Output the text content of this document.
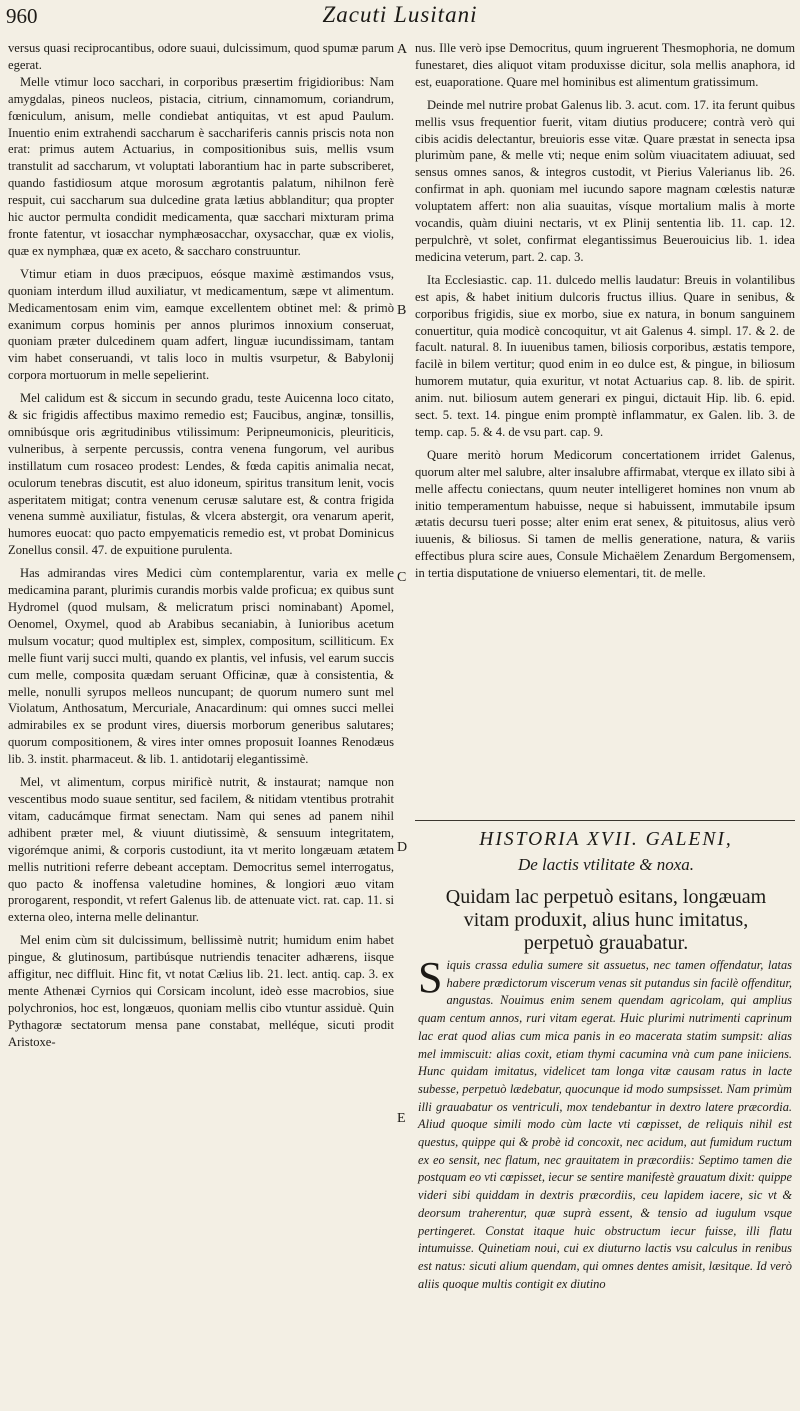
960	Zacuti Lusitani
A
B
C
D
E

versus quasi reciprocantibus, odore suaui, dulcissimum, quod spumæ parum egerat.

Melle vtimur loco sacchari, in corporibus præsertim frigidioribus: Nam amygdalas, pineos nucleos, pistacia, citrium, cinnamomum, coriandrum, fœniculum, anisum, melle condiebat antiquitas, vt est apud Paulum. Inuentio enim extrahendi saccharum è sacchariferis cannis priscis nota non erat: primus autem Actuarius, in compositionibus suis, mellis vsum transtulit ad saccharum, vt voluptati laborantium hac in parte subscriberet, quando fastidiosum atque morosum ægrotantis palatum, nihilnon ferè respuit, cui saccharum sua dulcedine grata lætius abblanditur; qua propter hic auctor permulta condidit medicamenta, quæ sacchari mixturam prima fronte fatentur, vt iosacchar nymphæosacchar, oxysacchar, quæ ex violis, quæ ex nymphæa, quæ ex aceto, & saccharo construuntur.

Vtimur etiam in duos præcipuos, eósque maximè æstimandos vsus, quoniam interdum illud auxiliatur, vt medicamentum, sæpe vt alimentum. Medicamentosam enim vim, eamque excellentem obtinet mel: & primò exanimum corpus hominis per annos plurimos innoxium conseruat, quoniam præter dulcedinem quam adfert, linguæ iucundissimam, tantam vim habet conseruandi, vt talis loco in multis vsurpetur, & Babylonij corpora mortuorum in melle sepelierint.

Mel calidum est & siccum in secundo gradu, teste Auicenna loco citato, & sic frigidis affectibus maximo remedio est; Faucibus, anginæ, tonsillis, omnibúsque oris ægritudinibus vtilissimum: Peripneumonicis, pleuriticis, vulneribus, à serpente percussis, contra venena fungorum, vel auribus instillatum cum rosaceo prodest: Lendes, & fœda capitis animalia necat, oculorum tenebras discutit, est aluo idoneum, spiritus transitum lenit, vocis asperitatem mitigat; contra venenum cerusæ salutare est, & contra frigida venena summè auxiliatur, fistulas, & vlcera abstergit, ora venarum aperit, humores euocat: quo pacto empyematicis remedio est, vt probat Dominicus Zonellus consil. 47. de expuitione purulenta.

Has admirandas vires Medici cùm contemplarentur, varia ex melle medicamina parant, plurimis curandis morbis valde proficua; ex quibus sunt Hydromel (quod mulsam, & melicratum prisci nominabant) Apomel, Oenomel, Oxymel, quod ab Arabibus secaniabin, à Iunioribus acetum mulsum vocatur; quod multiplex est, simplex, compositum, scilliticum. Ex melle fiunt varij succi multi, quando ex plantis, vel infusis, vel earum succis cum melle, composita quædam seruant Officinæ, quæ à consistentia, & melle, nonulli syrupos melleos nuncupant; de quorum numero sunt mel Violatum, Anthosatum, Mercuriale, Anacardinum: qui omnes succi mellei admirabiles ex se produnt vires, diuersis morborum generibus salutares; quorum compositionem, & vires inter omnes proposuit Ioannes Renodæus lib. 3. instit. pharmaceut. & lib. 1. antidotarij elegantissimè.

Mel, vt alimentum, corpus mirificè nutrit, & instaurat; namque non vescentibus modo suaue sentitur, sed facilem, & nitidam vtentibus protrahit vitam, caducámque firmat senectam. Nam qui senes ad panem nihil adhibent præter mel, & viuunt diutissimè, & sensuum integritatem, vigorémque animi, & corporis custodiunt, ita vt merito longæuam ætatem mellis nutritioni referre debeant acceptam. Democritus semel interrogatus, quo pacto & inoffensa valetudine homines, & longiori æuo vitam prorogarent, respondit, vt refert Galenus lib. de attenuate vict. rat. cap. 11. si externa oleo, interna melle delinantur.

Mel enim cùm sit dulcissimum, bellissimè nutrit; humidum enim habet pingue, & glutinosum, partibúsque nutriendis tenaciter adhærens, iisque affigitur, nec diffluit. Hinc fit, vt notat Cælius lib. 21. lect. antiq. cap. 3. ex mente Athenæi Cyrnios qui Corsicam incolunt, ideò esse macrobios, siue polychronios, hoc est, longæuos, quoniam mellis cibo vtuntur assiduè. Quin Pythagoræ sectatorum mensa pane constabat, melléque, sicuti prodit Aristoxe-

nus. Ille verò ipse Democritus, quum ingruerent Thesmophoria, ne domum funestaret, dies aliquot vitam produxisse dicitur, sola mellis anaphora, id est, euaporatione. Quare mel hominibus est alimentum gratissimum.

Deinde mel nutrire probat Galenus lib. 3. acut. com. 17. ita ferunt quibus mellis vsus frequentior fuerit, vitam diutius producere; contrà verò qui cibis acidis delectantur, breuioris esse vitæ. Quare præstat in senecta ipsa plurimùm pane, & melle vti; neque enim solùm viuacitatem adiuuat, sed sensus omnes sanos, & integros custodit, vt Pierius Valerianus lib. 26. confirmat in aph. quoniam mel iucundo sapore magnam cœlestis naturæ voluptatem affert: non alia suauitas, vísque mortalium malis à morte vocandis, quàm diuini nectaris, vt ex Plinij sententia lib. 11. cap. 12. perpulchrè, vt solet, confirmat elegantissimus Beuerouicius lib. 1. idea medicina veterum, part. 2. cap. 3.

Ita Ecclesiastic. cap. 11. dulcedo mellis laudatur: Breuis in volantilibus est apis, & habet initium dulcoris fructus illius. Quare in senibus, & corporibus frigidis, siue ex morbo, siue ex natura, in bonum sanguinem conuertitur, quia modicè concoquitur, vt ait Galenus 4. simpl. 17. & 2. de facult. natural. 8. In iuuenibus tamen, biliosis corporibus, æstatis tempore, facilè in bilem vertitur; quod enim in eo dulce est, & pingue, in biliosum humorem mutatur, quia exuritur, vt notat Actuarius cap. 8. lib. de spirit. anim. nut. biliosum autem generari ex pingui, dictauit Hip. lib. 6. epid. sect. 5. text. 14. pingue enim promptè inflammatur, ex Galen. lib. 3. de temp. cap. 5. & 4. de vsu part. cap. 9.

Quare meritò horum Medicorum concertationem irridet Galenus, quorum alter mel salubre, alter insalubre affirmabat, vterque ex illato sibi à melle affectu coniectans, quum neuter intelligeret homines non vnum ab initio temperamentum habuisse, neque si habuissent, immutabile ipsum ætatis decursu tueri posse; alter enim erat senex, & pituitosus, alius verò iuuenis, & biliosus. Si tamen de mellis generatione, natura, & variis effectibus plura scire aues, Consule Michaëlem Zenardum Bergomensem, in tertia disputatione de vniuerso elementari, tit. de melle.

HISTORIA XVII. GALENI,
De lactis vtilitate & noxa.
Quidam lac perpetuò esitans, longæuam
vitam produxit, alius hunc imitatus,
perpetuò grauabatur.
S iquis crassa edulia sumere sit assuetus, nec tamen offendatur, latas habere prædictorum viscerum venas sit putandus sin facilè offenditur, angustas. Nouimus enim senem quendam agricolam, qui amplius quam centum annos, ruri vitam egerat. Huic plurimi nutrimenti caprinum lac erat quod alias cum mica panis in eo macerata statim sumpsit: alias mel immiscuit: alias coxit, etiam thymi cacumina vnà cum pane iniiciens. Hunc quidam imitatus, videlicet tam longa vitæ causam ratus in lacte subesse, perpetuò lædebatur, quocunque id modo sumpsisset. Nam primùm illi grauabatur os ventriculi, mox tendebantur in dextro latere præcordia. Aliud quoque simili modo cùm lacte vti cœpisset, de reliquis nihil est questus, quippe qui & probè id concoxit, nec acidum, aut fumidum ructum ex eo sensit, nec flatum, nec grauitatem in præcordiis: Septimo tamen die postquam eo vti cœpisset, iecur se sentire manifestè grauatum dixit: quippe videri sibi quiddam in dextris præcordiis, ceu lapidem iacere, sic vt & deorsum traherentur, quæ suprà essent, & tensio ad iugulum vsque pertingeret. Constat itaque huic obstructum iecur fuisse, illi flatu intumuisse. Quinetiam noui, cui ex diuturno lactis vsu calculus in renibus est natus: sicuti alium quendam, qui omnes dentes amisit, læsitque. Id verò aliis quoque multis contigit ex diutino
